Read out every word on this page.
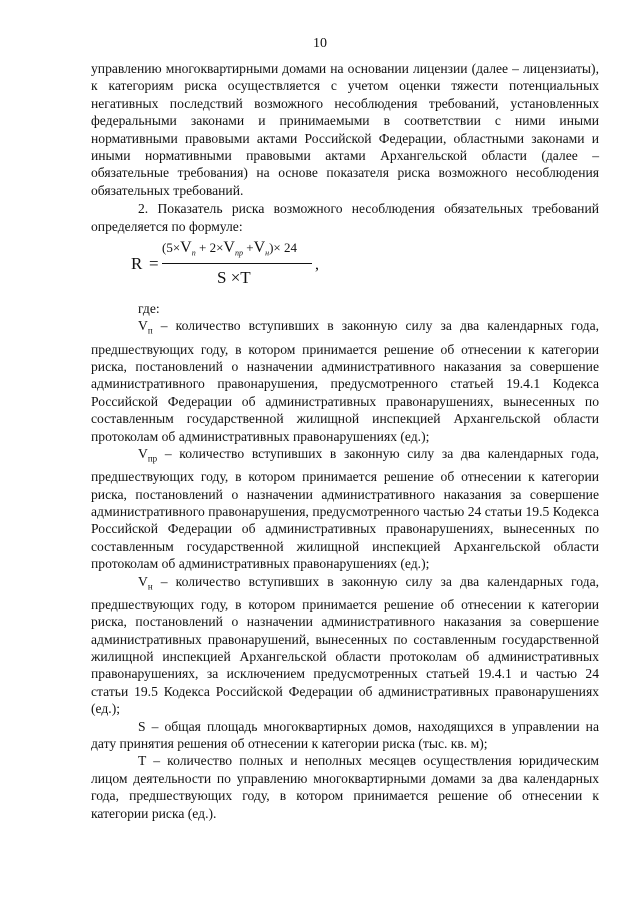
10

управлению многоквартирными домами на основании лицензии (далее – лицензиаты), к категориям риска осуществляется с учетом оценки тяжести потенциальных негативных последствий возможного несоблюдения требований, установленных федеральными законами и принимаемыми в соответствии с ними иными нормативными правовыми актами Российской Федерации, областными законами и иными нормативными правовыми актами Архангельской области (далее – обязательные требования) на основе показателя риска возможного несоблюдения обязательных требований.

2. Показатель риска возможного несоблюдения обязательных требований определяется по формуле:

R =
$(5\times V_п + 2\times V_{пр} +V_н)\times 24$
,
S ×T

где:

$V_п$ – количество вступивших в законную силу за два календарных года, предшествующих году, в котором принимается решение об отнесении к категории риска, постановлений о назначении административного наказания за совершение административного правонарушения, предусмотренного статьей 19.4.1 Кодекса Российской Федерации об административных правонарушениях, вынесенных по составленным государственной жилищной инспекцией Архангельской области протоколам об административных правонарушениях (ед.);

$V_{пр}$ – количество вступивших в законную силу за два календарных года, предшествующих году, в котором принимается решение об отнесении к категории риска, постановлений о назначении административного наказания за совершение административного правонарушения, предусмотренного частью 24 статьи 19.5 Кодекса Российской Федерации об административных правонарушениях, вынесенных по составленным государственной жилищной инспекцией Архангельской области протоколам об административных правонарушениях (ед.);

$V_н$ – количество вступивших в законную силу за два календарных года, предшествующих году, в котором принимается решение об отнесении к категории риска, постановлений о назначении административного наказания за совершение административных правонарушений, вынесенных по составленным государственной жилищной инспекцией Архангельской области протоколам об административных правонарушениях, за исключением предусмотренных статьей 19.4.1 и частью 24 статьи 19.5 Кодекса Российской Федерации об административных правонарушениях (ед.);

S – общая площадь многоквартирных домов, находящихся в управлении на дату принятия решения об отнесении к категории риска (тыс. кв. м);

T – количество полных и неполных месяцев осуществления юридическим лицом деятельности по управлению многоквартирными домами за два календарных года, предшествующих году, в котором принимается решение об отнесении к категории риска (ед.).
